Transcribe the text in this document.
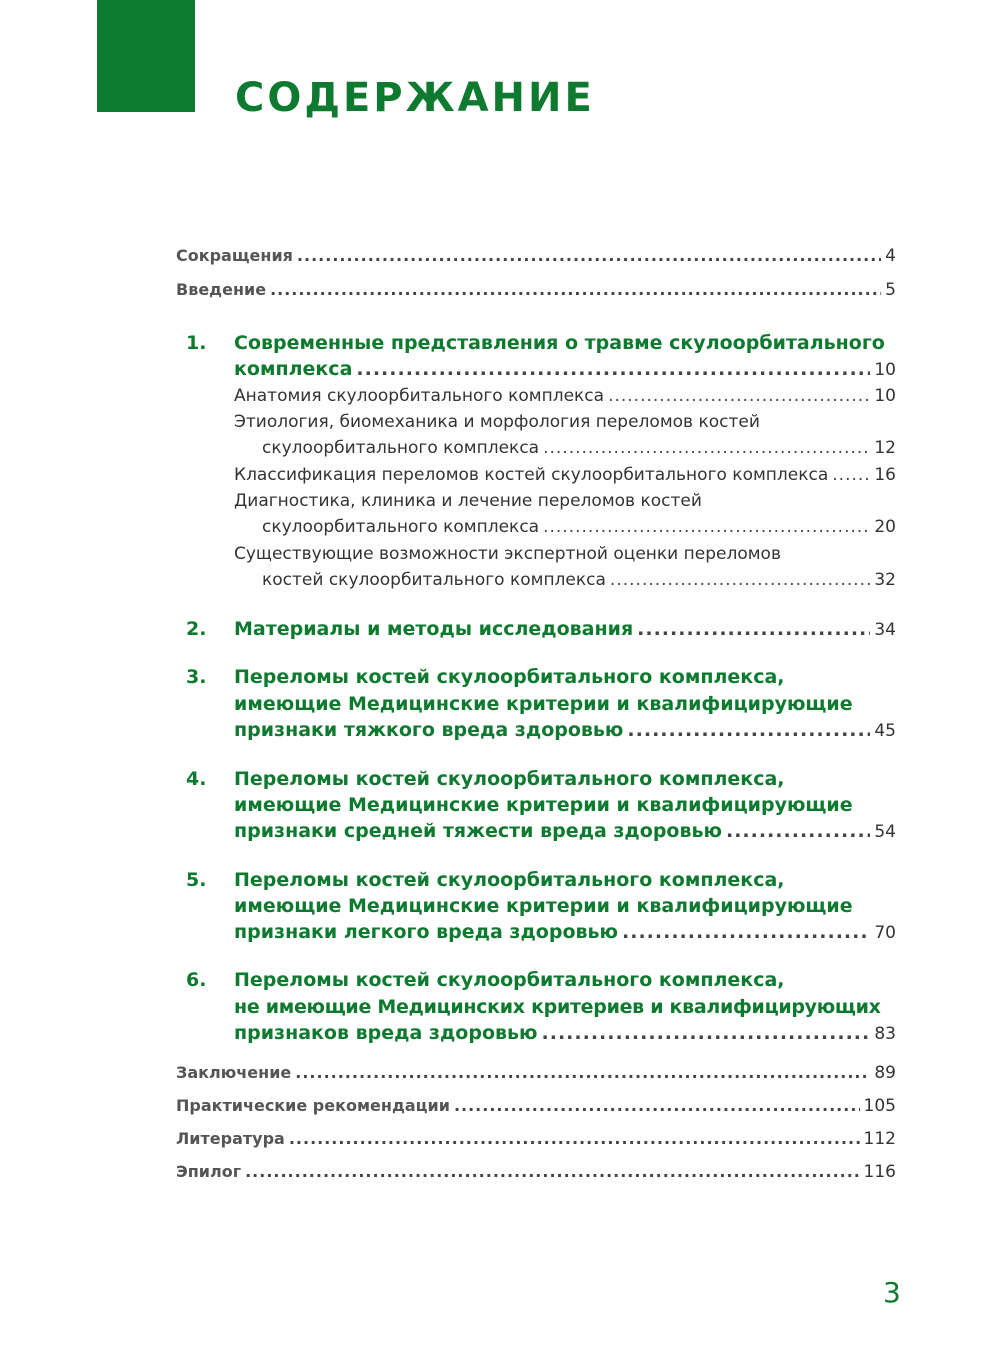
СОДЕРЖАНИЕ
Сокращения .....	4
Введение .....	5
1. Современные представления о травме скулоорбитального
комплекса .....	10
Анатомия скулоорбитального комплекса .....	10
Этиология, биомеханика и морфология переломов костей
скулоорбитального комплекса .....	12
Классификация переломов костей скулоорбитального комплекса .....	16
Диагностика, клиника и лечение переломов костей
скулоорбитального комплекса .....	20
Существующие возможности экспертной оценки переломов
костей скулоорбитального комплекса .....	32
2. Материалы и методы исследования .....	34
3. Переломы костей скулоорбитального комплекса,
имеющие Медицинские критерии и квалифицирующие
признаки тяжкого вреда здоровью .....	45
4. Переломы костей скулоорбитального комплекса,
имеющие Медицинские критерии и квалифицирующие
признаки средней тяжести вреда здоровью .....	54
5. Переломы костей скулоорбитального комплекса,
имеющие Медицинские критерии и квалифицирующие
признаки легкого вреда здоровью .....	70
6. Переломы костей скулоорбитального комплекса,
не имеющие Медицинских критериев и квалифицирующих
признаков вреда здоровью .....	83
Заключение .....	89
Практические рекомендации .....	105
Литература .....	112
Эпилог .....	116
3
